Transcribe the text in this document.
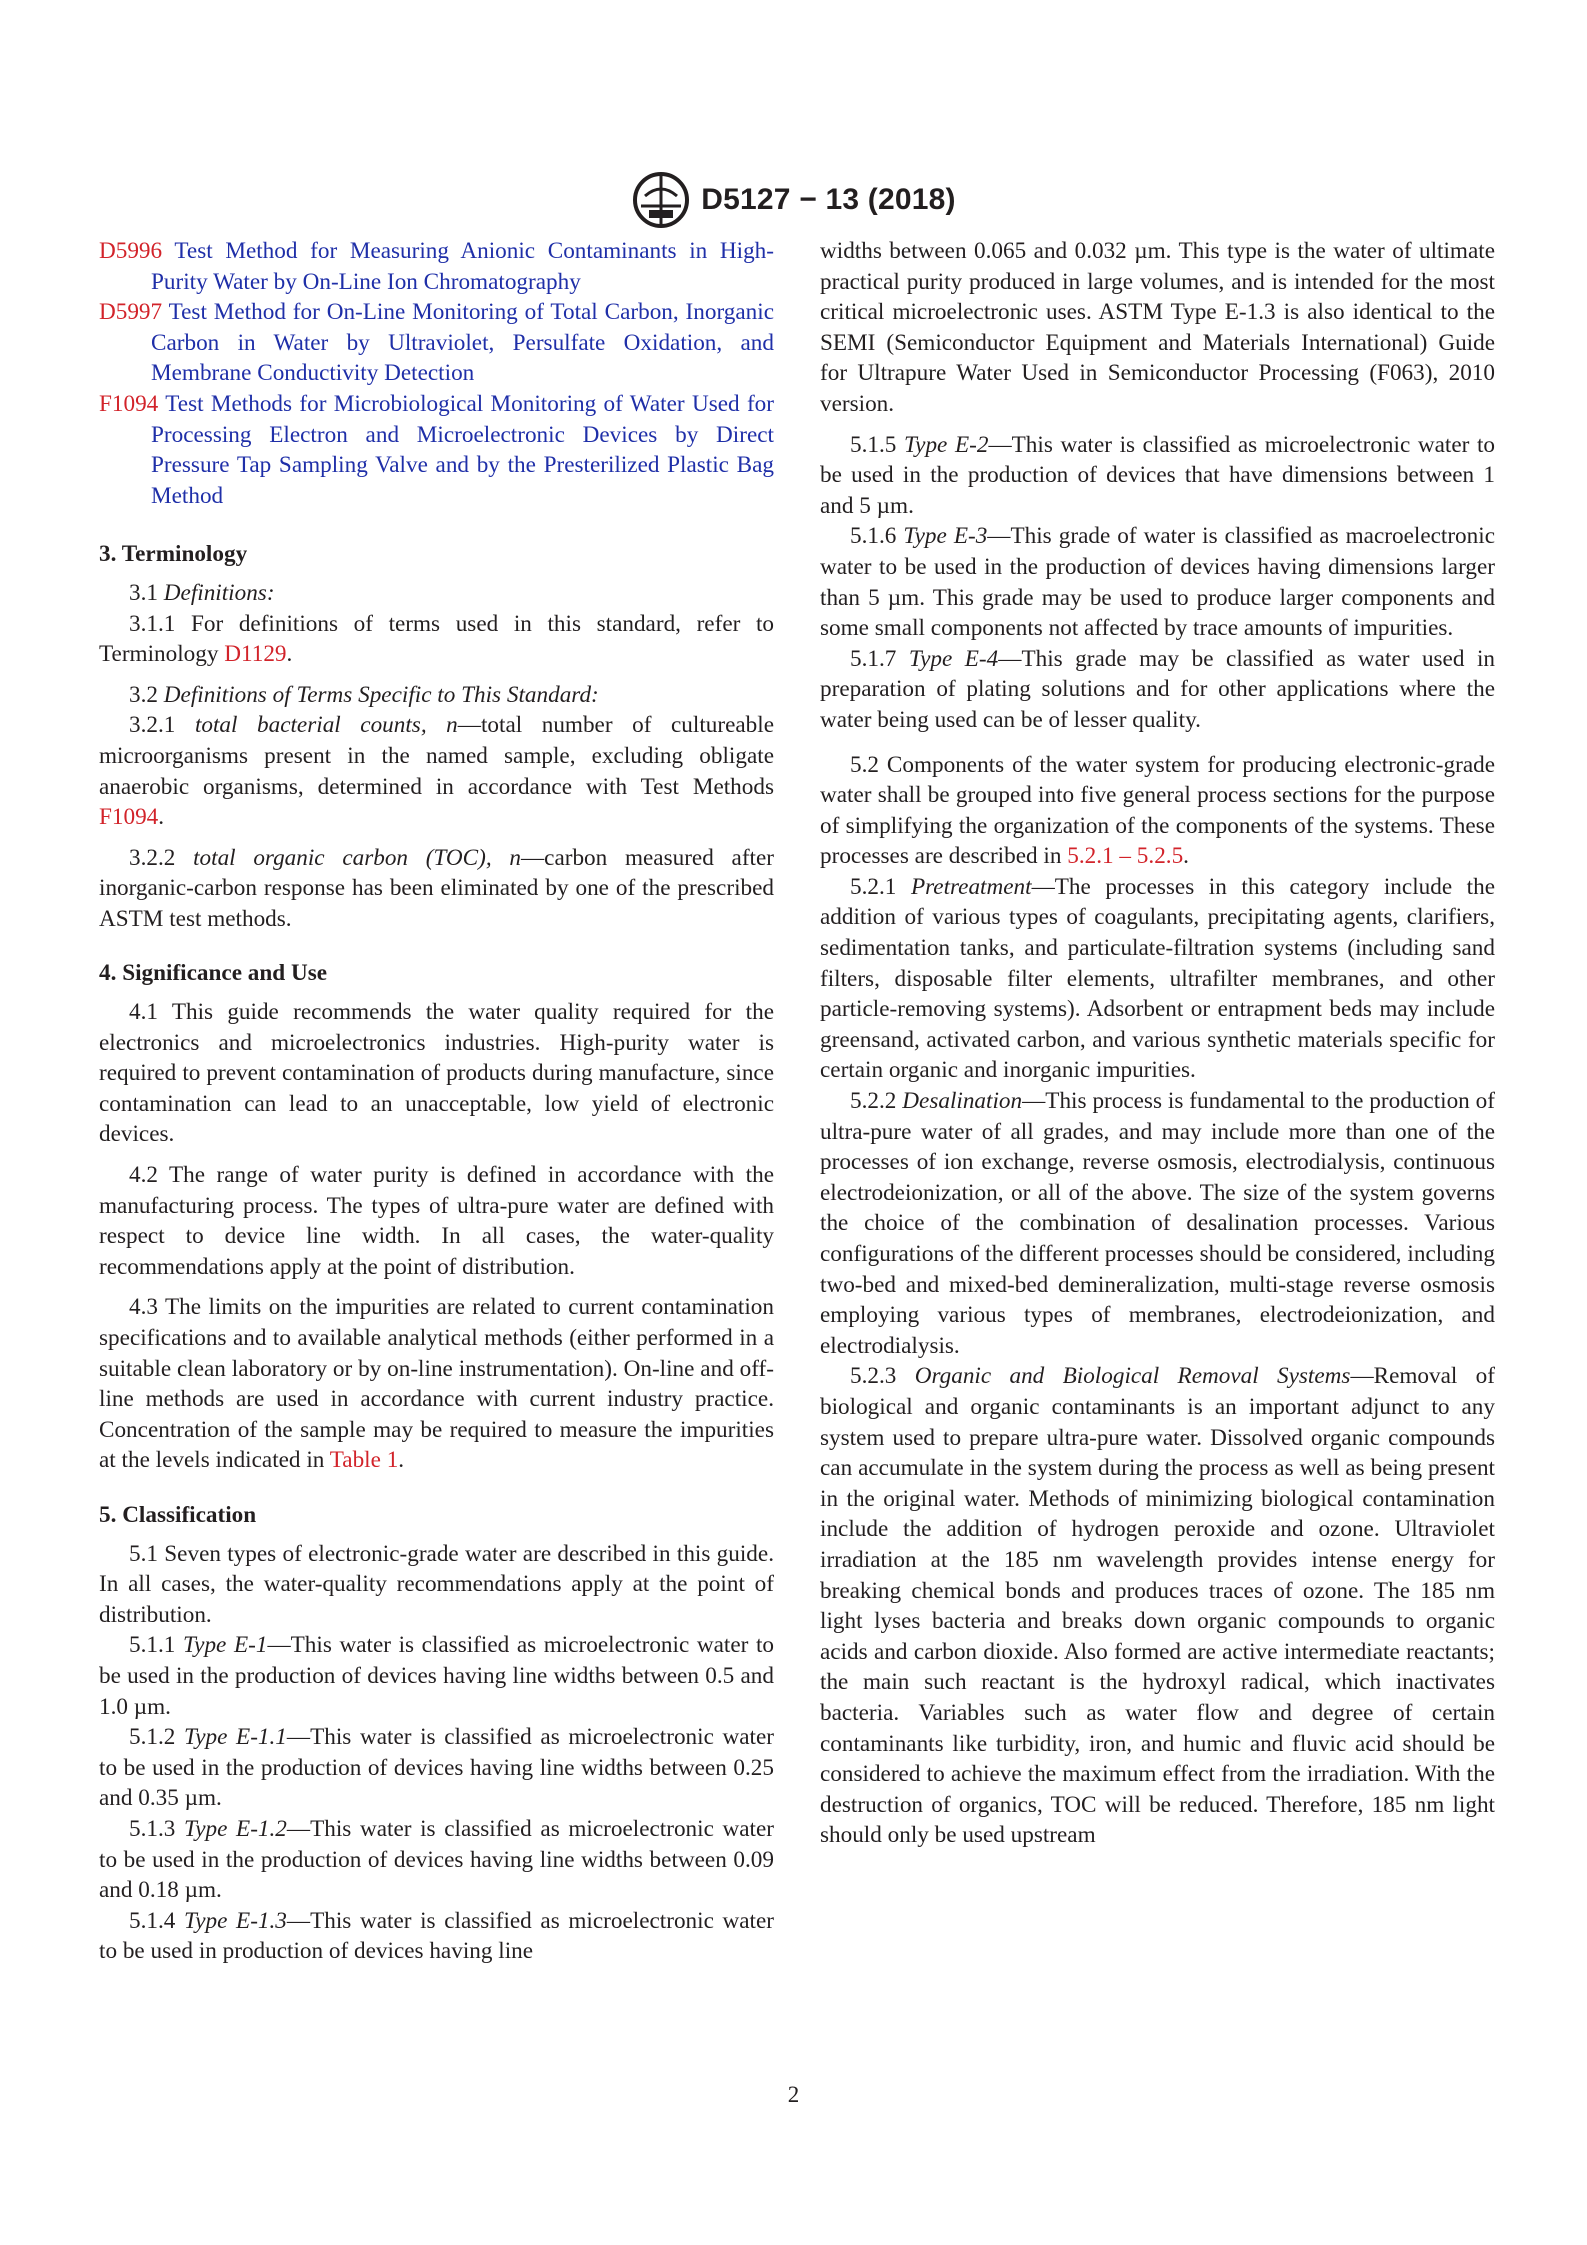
D5127 − 13 (2018)

D5996 Test Method for Measuring Anionic Contaminants in High-Purity Water by On-Line Ion Chromatography

D5997 Test Method for On-Line Monitoring of Total Carbon, Inorganic Carbon in Water by Ultraviolet, Persulfate Oxidation, and Membrane Conductivity Detection

F1094 Test Methods for Microbiological Monitoring of Water Used for Processing Electron and Microelectronic Devices by Direct Pressure Tap Sampling Valve and by the Presterilized Plastic Bag Method

3. Terminology

3.1 Definitions:

3.1.1 For definitions of terms used in this standard, refer to Terminology D1129.

3.2 Definitions of Terms Specific to This Standard:

3.2.1 total bacterial counts, n—total number of cultureable microorganisms present in the named sample, excluding obligate anaerobic organisms, determined in accordance with Test Methods F1094.

3.2.2 total organic carbon (TOC), n—carbon measured after inorganic-carbon response has been eliminated by one of the prescribed ASTM test methods.

4. Significance and Use

4.1 This guide recommends the water quality required for the electronics and microelectronics industries. High-purity water is required to prevent contamination of products during manufacture, since contamination can lead to an unacceptable, low yield of electronic devices.

4.2 The range of water purity is defined in accordance with the manufacturing process. The types of ultra-pure water are defined with respect to device line width. In all cases, the water-quality recommendations apply at the point of distribution.

4.3 The limits on the impurities are related to current contamination specifications and to available analytical methods (either performed in a suitable clean laboratory or by on-line instrumentation). On-line and off-line methods are used in accordance with current industry practice. Concentration of the sample may be required to measure the impurities at the levels indicated in Table 1.

5. Classification

5.1 Seven types of electronic-grade water are described in this guide. In all cases, the water-quality recommendations apply at the point of distribution.

5.1.1 Type E-1—This water is classified as microelectronic water to be used in the production of devices having line widths between 0.5 and 1.0 µm.

5.1.2 Type E-1.1—This water is classified as microelectronic water to be used in the production of devices having line widths between 0.25 and 0.35 µm.

5.1.3 Type E-1.2—This water is classified as microelectronic water to be used in the production of devices having line widths between 0.09 and 0.18 µm.

5.1.4 Type E-1.3—This water is classified as microelectronic water to be used in production of devices having line

widths between 0.065 and 0.032 µm. This type is the water of ultimate practical purity produced in large volumes, and is intended for the most critical microelectronic uses. ASTM Type E-1.3 is also identical to the SEMI (Semiconductor Equipment and Materials International) Guide for Ultrapure Water Used in Semiconductor Processing (F063), 2010 version.

5.1.5 Type E-2—This water is classified as microelectronic water to be used in the production of devices that have dimensions between 1 and 5 µm.

5.1.6 Type E-3—This grade of water is classified as macroelectronic water to be used in the production of devices having dimensions larger than 5 µm. This grade may be used to produce larger components and some small components not affected by trace amounts of impurities.

5.1.7 Type E-4—This grade may be classified as water used in preparation of plating solutions and for other applications where the water being used can be of lesser quality.

5.2 Components of the water system for producing electronic-grade water shall be grouped into five general process sections for the purpose of simplifying the organization of the components of the systems. These processes are described in 5.2.1 – 5.2.5.

5.2.1 Pretreatment—The processes in this category include the addition of various types of coagulants, precipitating agents, clarifiers, sedimentation tanks, and particulate-filtration systems (including sand filters, disposable filter elements, ultrafilter membranes, and other particle-removing systems). Adsorbent or entrapment beds may include greensand, activated carbon, and various synthetic materials specific for certain organic and inorganic impurities.

5.2.2 Desalination—This process is fundamental to the production of ultra-pure water of all grades, and may include more than one of the processes of ion exchange, reverse osmosis, electrodialysis, continuous electrodeionization, or all of the above. The size of the system governs the choice of the combination of desalination processes. Various configurations of the different processes should be considered, including two-bed and mixed-bed demineralization, multi-stage reverse osmosis employing various types of membranes, electrodeionization, and electrodialysis.

5.2.3 Organic and Biological Removal Systems—Removal of biological and organic contaminants is an important adjunct to any system used to prepare ultra-pure water. Dissolved organic compounds can accumulate in the system during the process as well as being present in the original water. Methods of minimizing biological contamination include the addition of hydrogen peroxide and ozone. Ultraviolet irradiation at the 185 nm wavelength provides intense energy for breaking chemical bonds and produces traces of ozone. The 185 nm light lyses bacteria and breaks down organic compounds to organic acids and carbon dioxide. Also formed are active intermediate reactants; the main such reactant is the hydroxyl radical, which inactivates bacteria. Variables such as water flow and degree of certain contaminants like turbidity, iron, and humic and fluvic acid should be considered to achieve the maximum effect from the irradiation. With the destruction of organics, TOC will be reduced. Therefore, 185 nm light should only be used upstream

2
